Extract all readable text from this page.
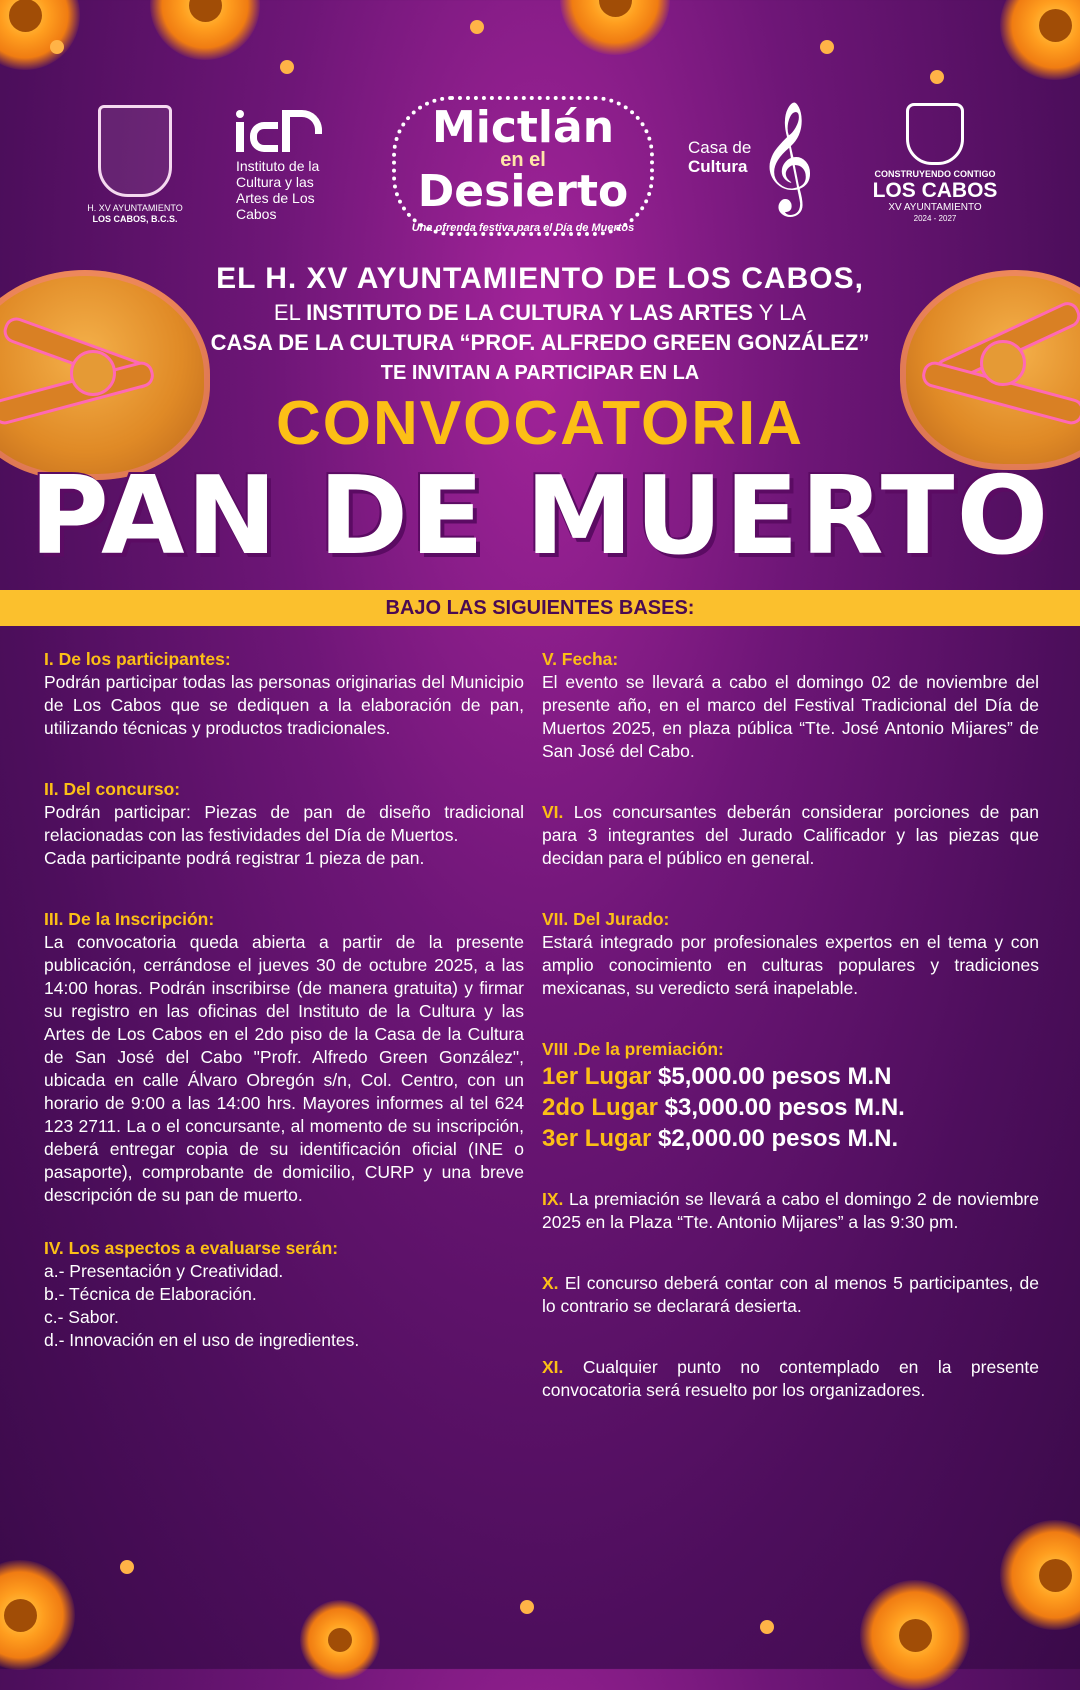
H. XV AYUNTAMIENTO
LOS CABOS, B.C.S.
Instituto de la Cultura y las Artes de Los Cabos
Mictlán
en el
Desierto
Una ofrenda festiva para el Día de Muertos
Casa de
Cultura 𝄞	CONSTRUYENDO CONTIGO
LOS CABOS
XV AYUNTAMIENTO
2024 - 2027
EL H. XV AYUNTAMIENTO DE LOS CABOS,
EL INSTITUTO DE LA CULTURA Y LAS ARTES Y LA
CASA DE LA CULTURA “PROF. ALFREDO GREEN GONZÁLEZ”
TE INVITAN A PARTICIPAR EN LA
CONVOCATORIA
PAN DE MUERTO
BAJO LAS SIGUIENTES BASES:
I. De los participantes:
Podrán participar todas las personas originarias del Municipio de Los Cabos que se dediquen a la elaboración de pan, utilizando técnicas y productos tradicionales.
II. Del concurso:
Podrán participar: Piezas de pan de diseño tradicional relacionadas con las festividades del Día de Muertos.
Cada participante podrá registrar 1 pieza de pan.
III. De la Inscripción:
La convocatoria queda abierta a partir de la presente publicación, cerrándose el jueves 30 de octubre 2025, a las 14:00 horas. Podrán inscribirse (de manera gratuita) y firmar su registro en las oficinas del Instituto de la Cultura y las Artes de Los Cabos en el 2do piso de la Casa de la Cultura de San José del Cabo "Profr. Alfredo Green González", ubicada en calle Álvaro Obregón s/n, Col. Centro, con un horario de 9:00 a las 14:00 hrs. Mayores informes al tel 624 123 2711. La o el concursante, al momento de su inscripción, deberá entregar copia de su identificación oficial (INE o pasaporte), comprobante de domicilio, CURP y una breve descripción de su pan de muerto.
IV. Los aspectos a evaluarse serán:
a.- Presentación y Creatividad.
b.- Técnica de Elaboración.
c.- Sabor.
d.- Innovación en el uso de ingredientes.
V. Fecha:
El evento se llevará a cabo el domingo 02 de noviembre del presente año, en el marco del Festival Tradicional del Día de Muertos 2025, en plaza pública “Tte. José Antonio Mijares” de San José del Cabo.
VI. Los concursantes deberán considerar porciones de pan para 3 integrantes del Jurado Calificador y las piezas que decidan para el público en general.
VII. Del Jurado:
Estará integrado por profesionales expertos en el tema y con amplio conocimiento en culturas populares y tradiciones mexicanas, su veredicto será inapelable.
VIII .De la premiación:
1er Lugar $5,000.00 pesos M.N
2do Lugar $3,000.00 pesos M.N.
3er Lugar $2,000.00 pesos M.N.
IX. La premiación se llevará a cabo el domingo 2 de noviembre 2025 en la Plaza “Tte. Antonio Mijares” a las 9:30 pm.
X. El concurso deberá contar con al menos 5 participantes, de lo contrario se declarará desierta.
XI. Cualquier punto no contemplado en la presente convocatoria será resuelto por los organizadores.
